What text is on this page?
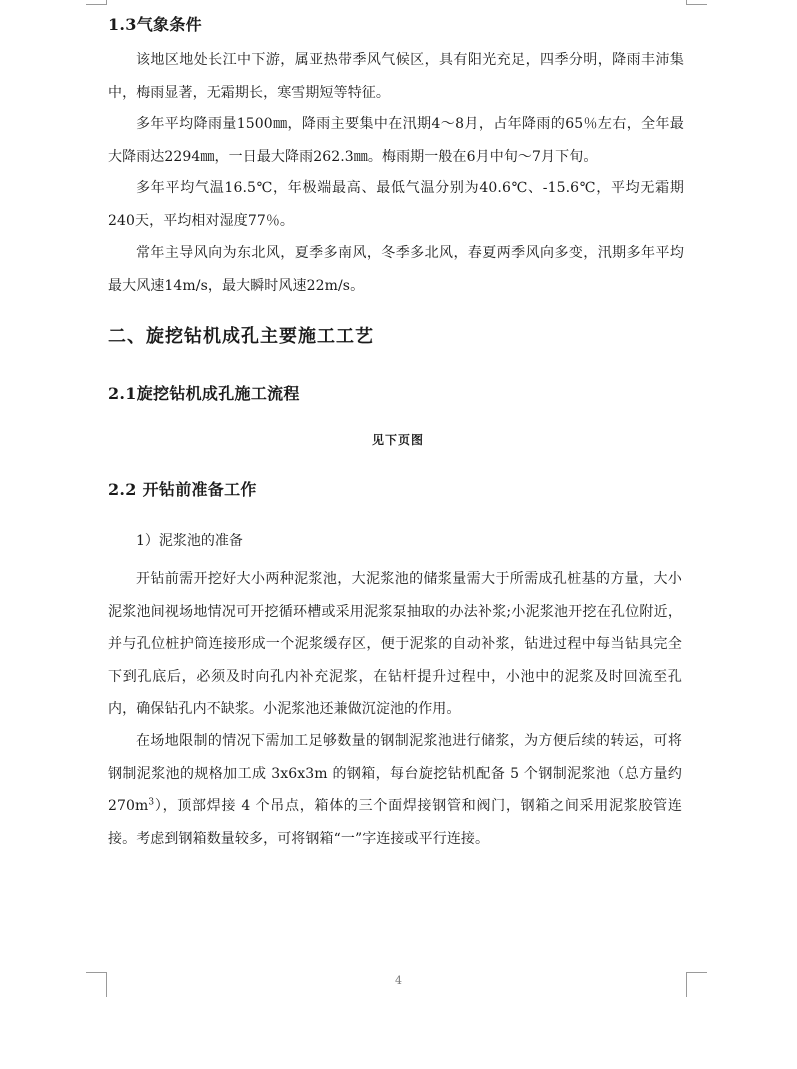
1.3气象条件
该地区地处长江中下游，属亚热带季风气候区，具有阳光充足，四季分明，降雨丰沛集中，梅雨显著，无霜期长，寒雪期短等特征。
多年平均降雨量1500㎜，降雨主要集中在汛期4～8月，占年降雨的65％左右，全年最大降雨达2294㎜，一日最大降雨262.3㎜。梅雨期一般在6月中旬～7月下旬。
多年平均气温16.5℃，年极端最高、最低气温分别为40.6℃、-15.6℃，平均无霜期240天，平均相对湿度77％。
常年主导风向为东北风，夏季多南风，冬季多北风，春夏两季风向多变，汛期多年平均最大风速14m/s，最大瞬时风速22m/s。
二、旋挖钻机成孔主要施工工艺
2.1旋挖钻机成孔施工流程
见下页图
2.2 开钻前准备工作
1）泥浆池的准备
开钻前需开挖好大小两种泥浆池，大泥浆池的储浆量需大于所需成孔桩基的方量，大小泥浆池间视场地情况可开挖循环槽或采用泥浆泵抽取的办法补浆;小泥浆池开挖在孔位附近，并与孔位桩护筒连接形成一个泥浆缓存区，便于泥浆的自动补浆，钻进过程中每当钻具完全下到孔底后，必须及时向孔内补充泥浆，在钻杆提升过程中，小池中的泥浆及时回流至孔内，确保钻孔内不缺浆。小泥浆池还兼做沉淀池的作用。
在场地限制的情况下需加工足够数量的钢制泥浆池进行储浆，为方便后续的转运，可将钢制泥浆池的规格加工成 3x6x3m 的钢箱，每台旋挖钻机配备 5 个钢制泥浆池（总方量约 $270m^3$），顶部焊接 4 个吊点，箱体的三个面焊接钢管和阀门，钢箱之间采用泥浆胶管连接。考虑到钢箱数量较多，可将钢箱“一”字连接或平行连接。
4
